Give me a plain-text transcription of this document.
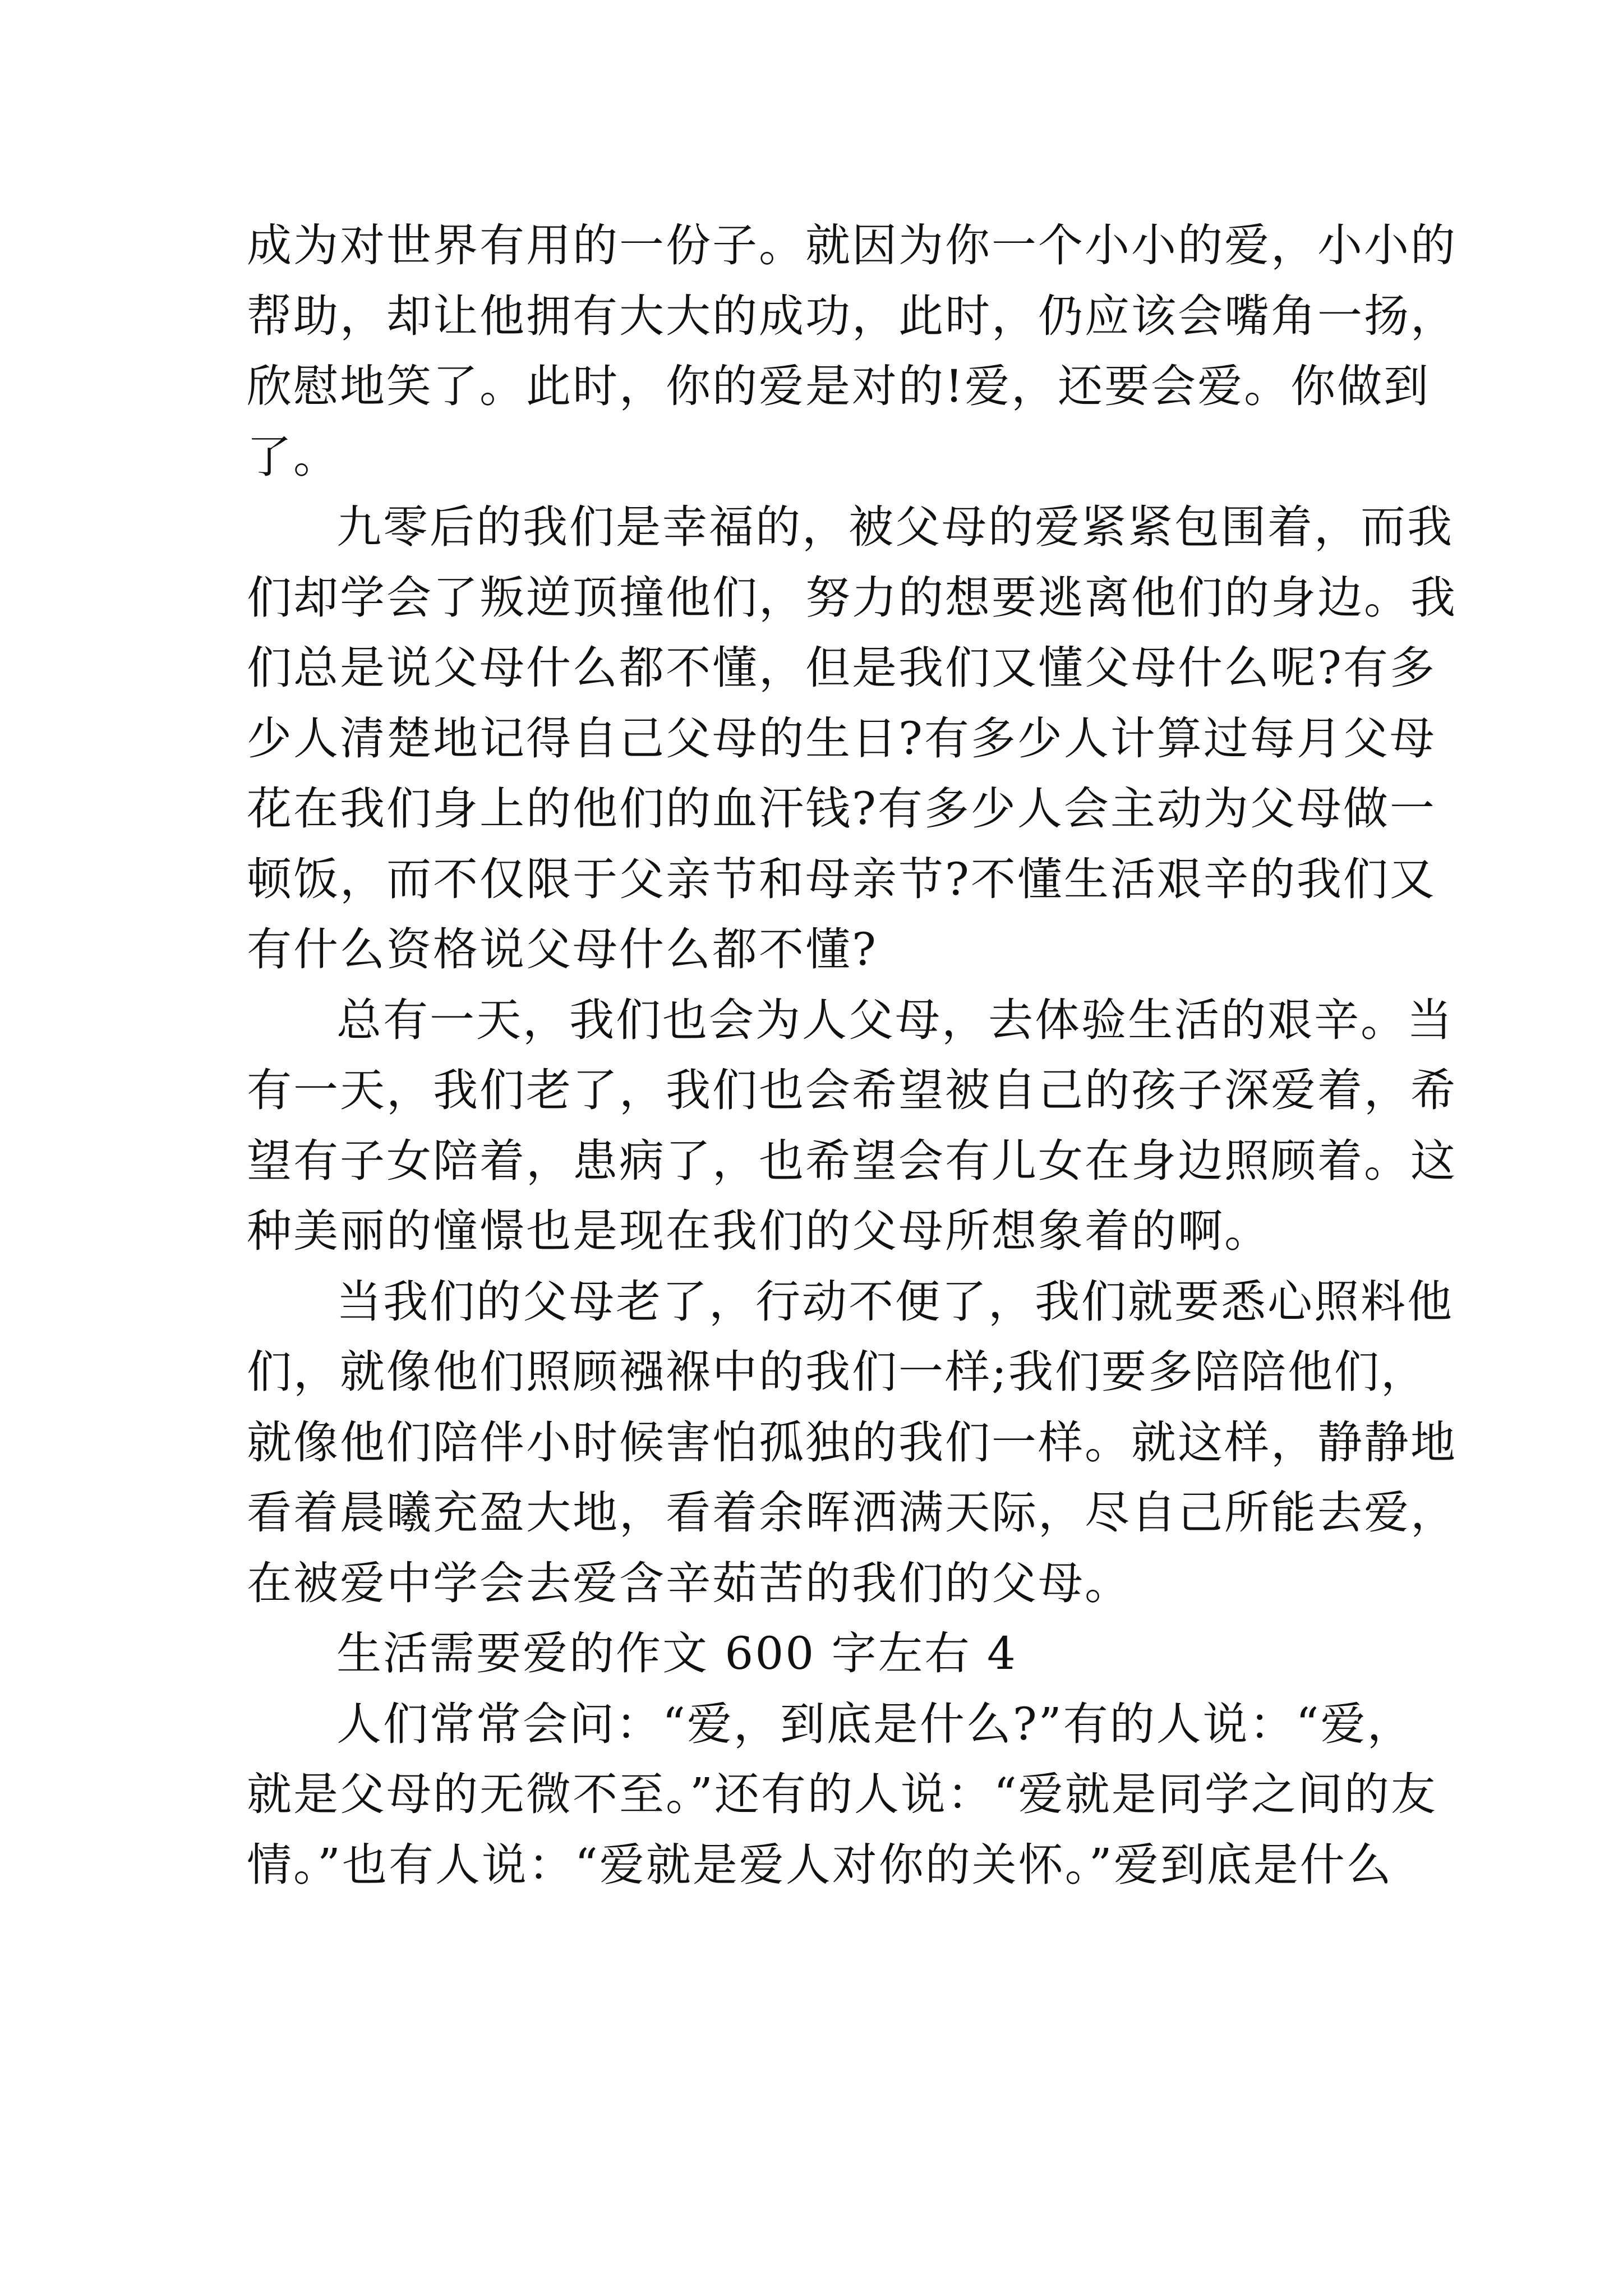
成为对世界有用的一份子。就因为你一个小小的爱，小小的
帮助，却让他拥有大大的成功，此时，仍应该会嘴角一扬，
欣慰地笑了。此时，你的爱是对的!爱，还要会爱。你做到
了。
九零后的我们是幸福的，被父母的爱紧紧包围着，而我
们却学会了叛逆顶撞他们，努力的想要逃离他们的身边。我
们总是说父母什么都不懂，但是我们又懂父母什么呢?有多
少人清楚地记得自己父母的生日?有多少人计算过每月父母
花在我们身上的他们的血汗钱?有多少人会主动为父母做一
顿饭，而不仅限于父亲节和母亲节?不懂生活艰辛的我们又
有什么资格说父母什么都不懂?
总有一天，我们也会为人父母，去体验生活的艰辛。当
有一天，我们老了，我们也会希望被自己的孩子深爱着，希
望有子女陪着，患病了，也希望会有儿女在身边照顾着。这
种美丽的憧憬也是现在我们的父母所想象着的啊。
当我们的父母老了，行动不便了，我们就要悉心照料他
们，就像他们照顾襁褓中的我们一样;我们要多陪陪他们，
就像他们陪伴小时候害怕孤独的我们一样。就这样，静静地
看着晨曦充盈大地，看着余晖洒满天际，尽自己所能去爱，
在被爱中学会去爱含辛茹苦的我们的父母。
生活需要爱的作文 600 字左右 4
人们常常会问：“爱，到底是什么?”有的人说：“爱，
就是父母的无微不至。”还有的人说：“爱就是同学之间的友
情。”也有人说：“爱就是爱人对你的关怀。”爱到底是什么
